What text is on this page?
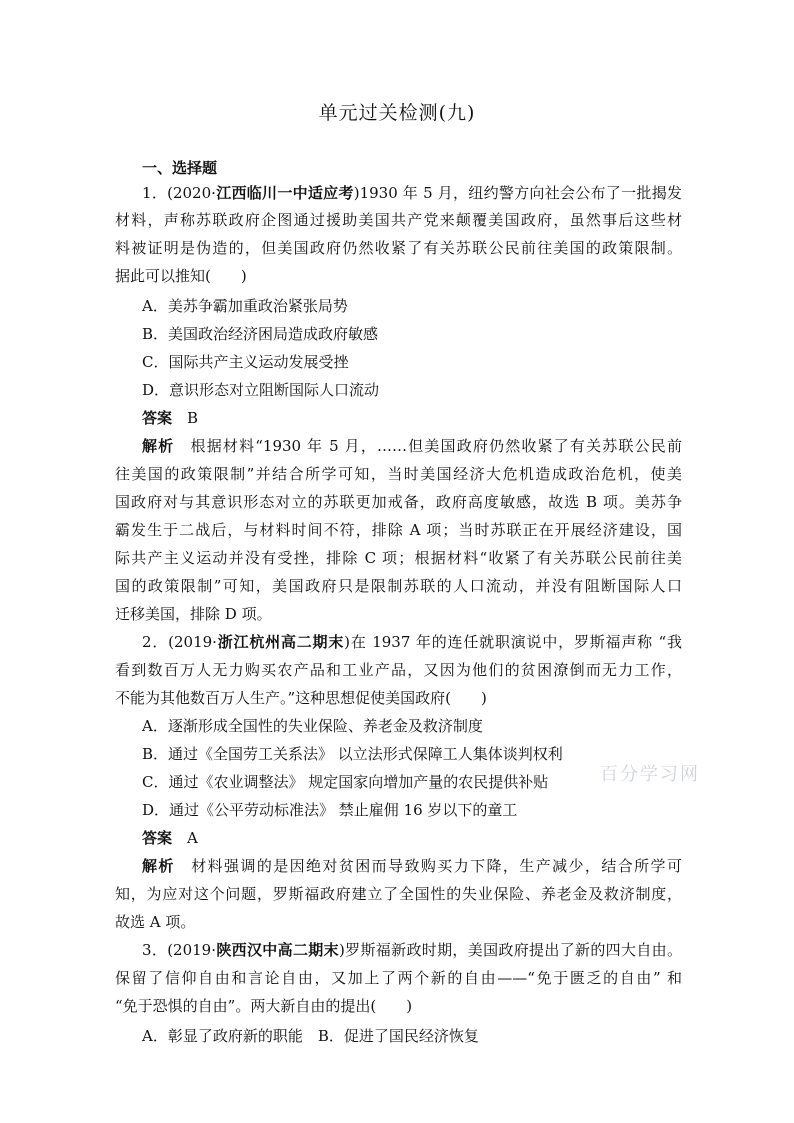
单元过关检测(九)
一、选择题
1．(2020·江西临川一中适应考)1930 年 5 月，纽约警方向社会公布了一批揭发
材料，声称苏联政府企图通过援助美国共产党来颠覆美国政府，虽然事后这些材
料被证明是伪造的，但美国政府仍然收紧了有关苏联公民前往美国的政策限制。
据此可以推知(　　)
A．美苏争霸加重政治紧张局势
B．美国政治经济困局造成政府敏感
C．国际共产主义运动发展受挫
D．意识形态对立阻断国际人口流动
答案　 B
解析　 根据材料“1930 年 5 月，……但美国政府仍然收紧了有关苏联公民前
往美国的政策限制”并结合所学可知，当时美国经济大危机造成政治危机，使美
国政府对与其意识形态对立的苏联更加戒备，政府高度敏感，故选 B 项。美苏争
霸发生于二战后，与材料时间不符，排除 A 项；当时苏联正在开展经济建设，国
际共产主义运动并没有受挫，排除 C 项；根据材料“收紧了有关苏联公民前往美
国的政策限制”可知，美国政府只是限制苏联的人口流动，并没有阻断国际人口
迁移美国，排除 D 项。
2．(2019·浙江杭州高二期末)在 1937 年的连任就职演说中，罗斯福声称 “我
看到数百万人无力购买农产品和工业产品，又因为他们的贫困潦倒而无力工作，
不能为其他数百万人生产。”这种思想促使美国政府(　　)
A．逐渐形成全国性的失业保险、养老金及救济制度
B．通过《全国劳工关系法》 以立法形式保障工人集体谈判权利
C．通过《农业调整法》 规定国家向增加产量的农民提供补贴
D．通过《公平劳动标准法》 禁止雇佣 16 岁以下的童工
答案　 A
解析　 材料强调的是因绝对贫困而导致购买力下降，生产减少，结合所学可
知，为应对这个问题，罗斯福政府建立了全国性的失业保险、养老金及救济制度，
故选 A 项。
3．(2019·陕西汉中高二期末)罗斯福新政时期，美国政府提出了新的四大自由。
保留了信仰自由和言论自由，又加上了两个新的自由——“免于匮乏的自由” 和
“免于恐惧的自由”。两大新自由的提出(　　)
A．彰显了政府新的职能　 B．促进了国民经济恢复
百分学习网
